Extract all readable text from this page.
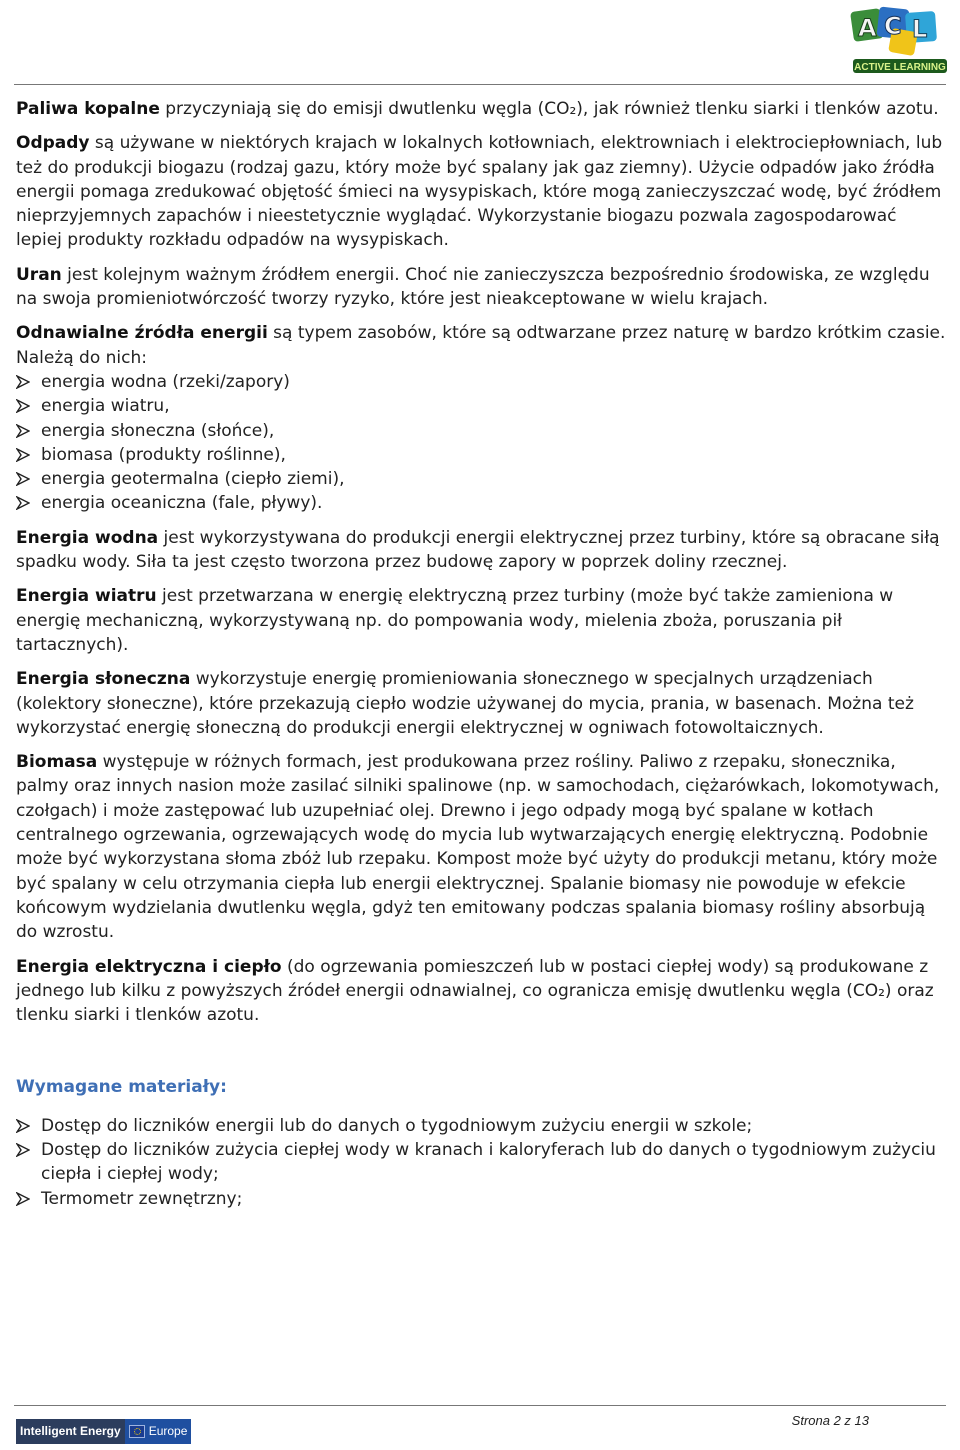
A C L
ACTIVE LEARNING

Paliwa kopalne przyczyniają się do emisji dwutlenku węgla (CO₂), jak również tlenku siarki i tlenków azotu.

Odpady są używane w niektórych krajach w lokalnych kotłowniach, elektrowniach i elektrociepłowniach, lub też do produkcji biogazu (rodzaj gazu, który może być spalany jak gaz ziemny). Użycie odpadów jako źródła energii pomaga zredukować objętość śmieci na wysypiskach, które mogą zanieczyszczać wodę, być źródłem nieprzyjemnych zapachów i nieestetycznie wyglądać. Wykorzystanie biogazu pozwala zagospodarować lepiej produkty rozkładu odpadów na wysypiskach.

Uran jest kolejnym ważnym źródłem energii. Choć nie zanieczyszcza bezpośrednio środowiska, ze względu na swoja promieniotwórczość tworzy ryzyko, które jest nieakceptowane w wielu krajach.

Odnawialne źródła energii są typem zasobów, które są odtwarzane przez naturę w bardzo krótkim czasie. Należą do nich:

energia wodna (rzeki/zapory)
energia wiatru,
energia słoneczna (słońce),
biomasa (produkty roślinne),
energia geotermalna (ciepło ziemi),
energia oceaniczna (fale, pływy).

Energia wodna jest wykorzystywana do produkcji energii elektrycznej przez turbiny, które są obracane siłą spadku wody. Siła ta jest często tworzona przez budowę zapory w poprzek doliny rzecznej.

Energia wiatru jest przetwarzana w energię elektryczną przez turbiny (może być także zamieniona w energię mechaniczną, wykorzystywaną np. do pompowania wody, mielenia zboża, poruszania pił tartacznych).

Energia słoneczna wykorzystuje energię promieniowania słonecznego w specjalnych urządzeniach (kolektory słoneczne), które przekazują ciepło wodzie używanej do mycia, prania, w basenach. Można też wykorzystać energię słoneczną do produkcji energii elektrycznej w ogniwach fotowoltaicznych.

Biomasa występuje w różnych formach, jest produkowana przez rośliny. Paliwo z rzepaku, słonecznika, palmy oraz innych nasion może zasilać silniki spalinowe (np. w samochodach, ciężarówkach, lokomotywach, czołgach) i może zastępować lub uzupełniać olej. Drewno i jego odpady mogą być spalane w kotłach centralnego ogrzewania, ogrzewających wodę do mycia lub wytwarzających energię elektryczną. Podobnie może być wykorzystana słoma zbóż lub rzepaku. Kompost może być użyty do produkcji metanu, który może być spalany w celu otrzymania ciepła lub energii elektrycznej. Spalanie biomasy nie powoduje w efekcie końcowym wydzielania dwutlenku węgla, gdyż ten emitowany podczas spalania biomasy rośliny absorbują do wzrostu.

Energia elektryczna i ciepło (do ogrzewania pomieszczeń lub w postaci ciepłej wody) są produkowane z jednego lub kilku z powyższych źródeł energii odnawialnej, co ogranicza emisję dwutlenku węgla (CO₂) oraz tlenku siarki i tlenków azotu.

Wymagane materiały:
Dostęp do liczników energii lub do danych o tygodniowym zużyciu energii w szkole;
Dostęp do liczników zużycia ciepłej wody w kranach i kaloryferach lub do danych o tygodniowym zużyciu ciepła i ciepłej wody;
Termometr zewnętrzny;
Intelligent Energy	Europe
Strona 2 z 13
